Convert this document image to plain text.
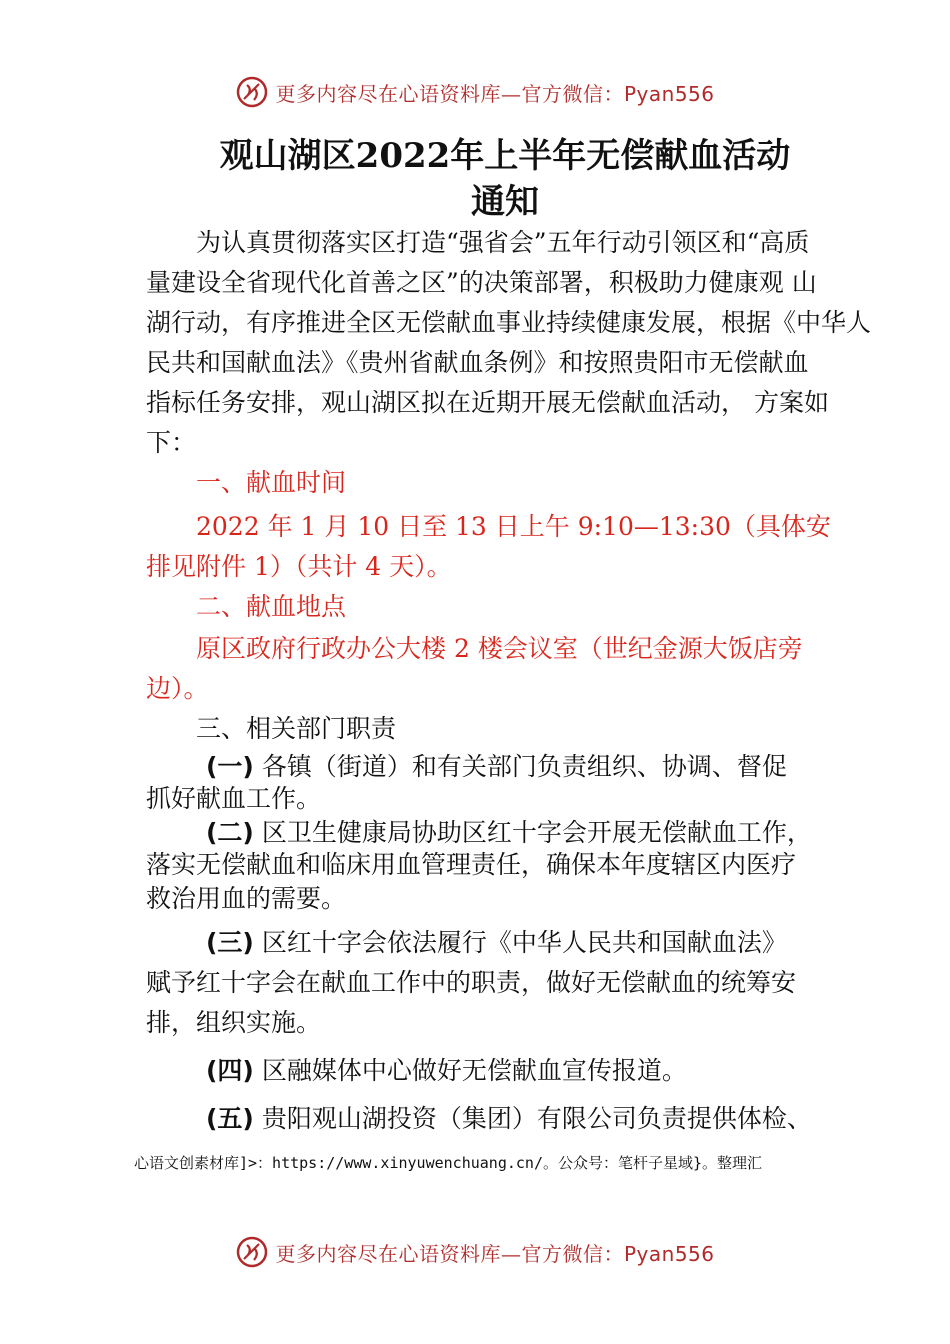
更多内容尽在心语资料库—官方微信：Pyan556
观山湖区2022年上半年无偿献血活动
通知
为认真贯彻落实区打造“强省会”五年行动引领区和“高质
量建设全省现代化首善之区”的决策部署，积极助力健康观 山
湖行动，有序推进全区无偿献血事业持续健康发展，根据《中华人
民共和国献血法》《贵州省献血条例》和按照贵阳市无偿献血
指标任务安排，观山湖区拟在近期开展无偿献血活动， 方案如
下：
一、献血时间
2022 年 1 月 10 日至 13 日上午 9:10—13:30（具体安
排见附件 1）（共计 4 天）。
二、献血地点
原区政府行政办公大楼 2 楼会议室（世纪金源大饭店旁
边）。
三、相关部门职责
(一) 各镇（街道）和有关部门负责组织、协调、督促
抓好献血工作。
(二) 区卫生健康局协助区红十字会开展无偿献血工作，
落实无偿献血和临床用血管理责任，确保本年度辖区内医疗
救治用血的需要。
(三) 区红十字会依法履行《中华人民共和国献血法》
赋予红十字会在献血工作中的职责，做好无偿献血的统筹安
排，组织实施。
(四) 区融媒体中心做好无偿献血宣传报道。
(五) 贵阳观山湖投资（集团）有限公司负责提供体检、
心语文创素材库]>：https://www.xinyuwenchuang.cn/。公众号：笔杆子星域}。整理汇
更多内容尽在心语资料库—官方微信：Pyan556
